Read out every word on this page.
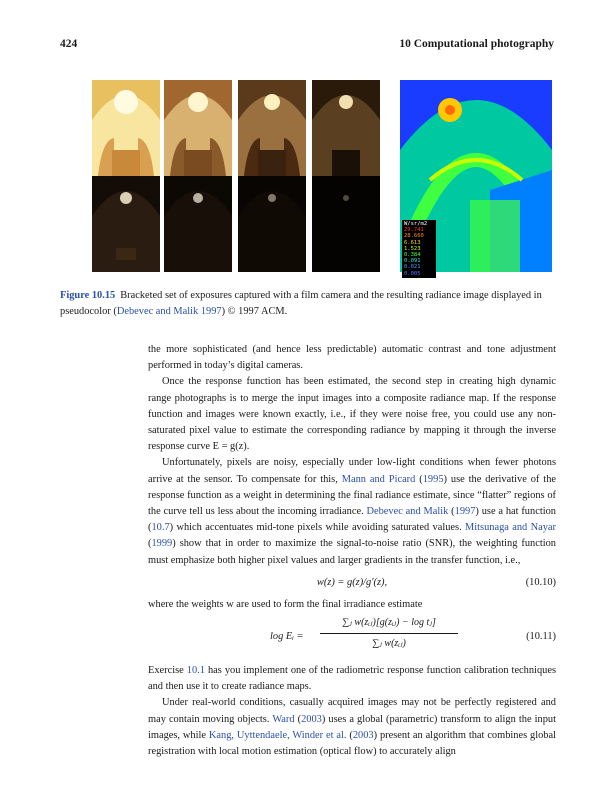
424	10 Computational photography
W/sr/m2
29.741
28.660
6.613
1.523
0.384
0.091
0.021
0.005
Figure 10.15 Bracketed set of exposures captured with a film camera and the resulting radiance image displayed in pseudocolor (Debevec and Malik 1997) © 1997 ACM.

the more sophisticated (and hence less predictable) automatic contrast and tone adjustment performed in today’s digital cameras.

Once the response function has been estimated, the second step in creating high dynamic range photographs is to merge the input images into a composite radiance map. If the response function and images were known exactly, i.e., if they were noise free, you could use any non-saturated pixel value to estimate the corresponding radiance by mapping it through the inverse response curve E = g(z).

Unfortunately, pixels are noisy, especially under low-light conditions when fewer photons arrive at the sensor. To compensate for this, Mann and Picard (1995) use the derivative of the response function as a weight in determining the final radiance estimate, since “flatter” regions of the curve tell us less about the incoming irradiance. Debevec and Malik (1997) use a hat function (10.7) which accentuates mid-tone pixels while avoiding saturated values. Mitsunaga and Nayar (1999) show that in order to maximize the signal-to-noise ratio (SNR), the weighting function must emphasize both higher pixel values and larger gradients in the transfer function, i.e.,

w(z) = g(z)/g′(z),	(10.10)

where the weights w are used to form the final irradiance estimate

log Eᵢ =
∑ⱼ w(zᵢⱼ)[g(zᵢⱼ) − log tⱼ]
∑ⱼ w(zᵢⱼ)
(10.11)

Exercise 10.1 has you implement one of the radiometric response function calibration techniques and then use it to create radiance maps.

Under real-world conditions, casually acquired images may not be perfectly registered and may contain moving objects. Ward (2003) uses a global (parametric) transform to align the input images, while Kang, Uyttendaele, Winder et al. (2003) present an algorithm that combines global registration with local motion estimation (optical flow) to accurately align
